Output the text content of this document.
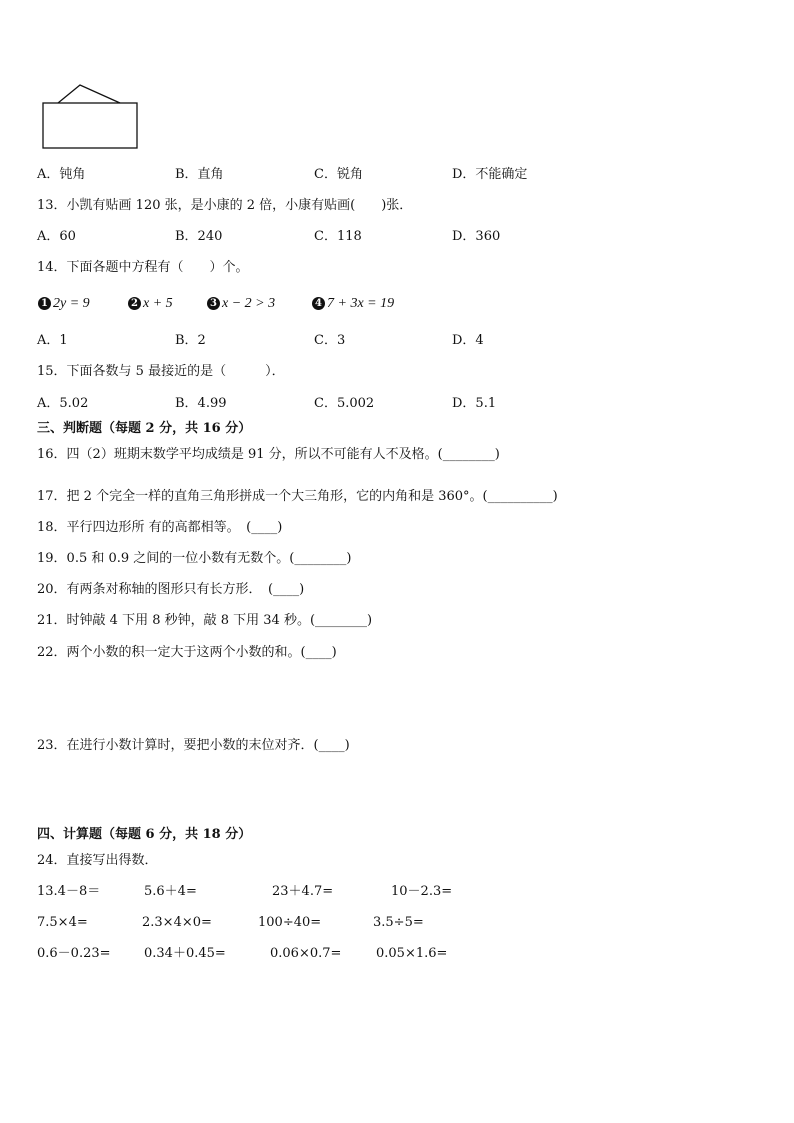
A．钝角	B．直角	C．锐角	D．不能确定
13．小凯有贴画 120 张，是小康的 2 倍，小康有贴画(　　)张．
A．60	B．240	C．118	D．360
14．下面各题中方程有（　　）个。
1 2y = 9	2 x + 5	3 x − 2 > 3	4 7 + 3x = 19
A．1	B．2	C．3	D．4
15．下面各数与 5 最接近的是（　　　）．
A．5.02	B．4.99	C．5.002	D．5.1
三、判断题（每题 2 分，共 16 分）
16．四（2）班期末数学平均成绩是 91 分，所以不可能有人不及格。(________)
17．把 2 个完全一样的直角三角形拼成一个大三角形，它的内角和是 360°。(__________)
18．平行四边形所 有的高都相等。　(____)
19．0.5 和 0.9 之间的一位小数有无数个。(________)
20．有两条对称轴的图形只有长方形．　(____)
21．时钟敲 4 下用 8 秒钟，敲 8 下用 34 秒。(________)
22．两个小数的积一定大于这两个小数的和。(____)
23．在进行小数计算时，要把小数的末位对齐．(____)
四、计算题（每题 6 分，共 18 分）
24．直接写出得数．
13.4－8＝	5.6＋4=	23＋4.7=	10－2.3=
7.5×4=	2.3×4×0=	100÷40=	3.5÷5=
0.6－0.23=	0.34＋0.45=	0.06×0.7=	0.05×1.6=
